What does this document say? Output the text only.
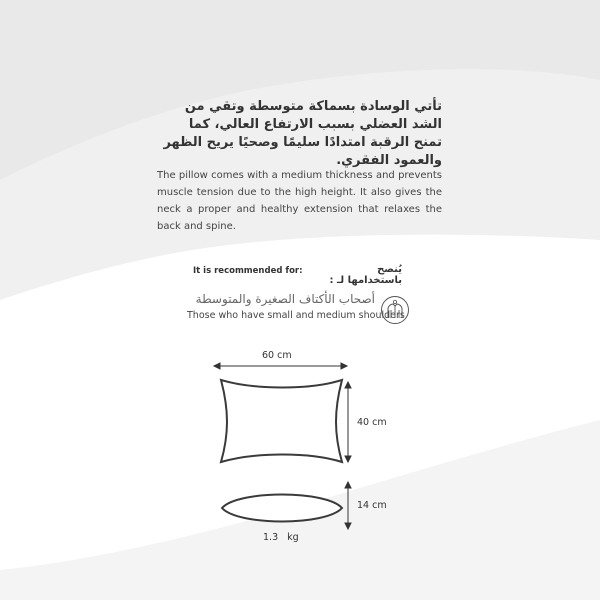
تأتي الوسادة بسماكة متوسطة وتقي من الشد العضلي بسبب الارتفاع العالي، كما تمنح الرقبة امتدادًا سليمًا وصحيًا يريح الظهر والعمود الفقري.
The pillow comes with a medium thickness and prevents muscle tension due to the high height. It also gives the neck a proper and healthy extension that relaxes the back and spine.
It is recommended for:	يُنصح باستخدامها لـ :
أصحاب الأكتاف الصغيرة والمتوسطة
Those who have small and medium shoulders
60 cm
40 cm
14 cm
1.3   kg
